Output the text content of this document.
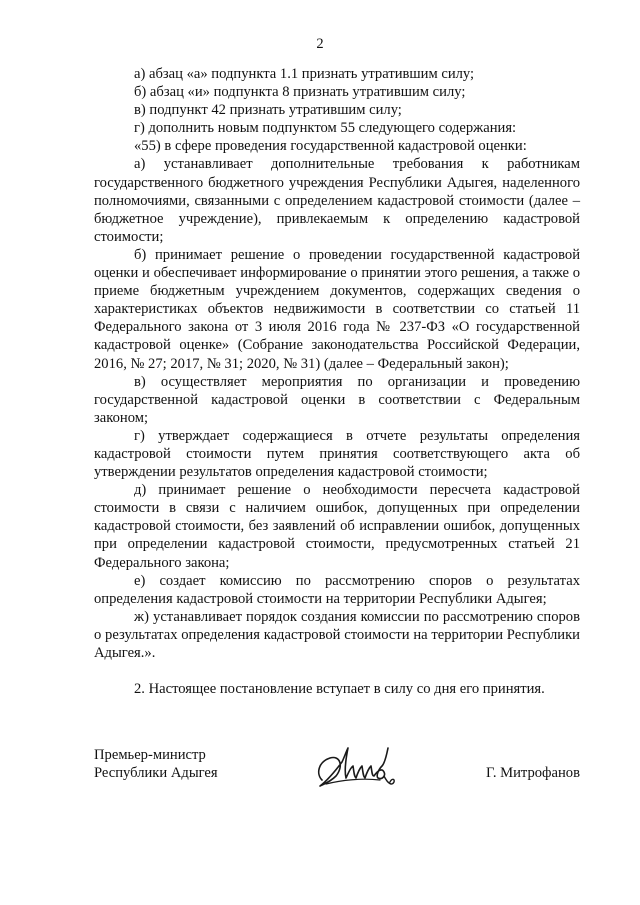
2

а) абзац «а» подпункта 1.1 признать утратившим силу;

б) абзац «и» подпункта 8 признать утратившим силу;

в) подпункт 42 признать утратившим силу;

г) дополнить новым подпунктом 55 следующего содержания:

«55) в сфере проведения государственной кадастровой оценки:

а) устанавливает дополнительные требования к работникам государственного бюджетного учреждения Республики Адыгея, наделенного полномочиями, связанными с определением кадастровой стоимости (далее – бюджетное учреждение), привлекаемым к определению кадастровой стоимости;

б) принимает решение о проведении государственной кадастровой оценки и обеспечивает информирование о принятии этого решения, а также о приеме бюджетным учреждением документов, содержащих сведения о характеристиках объектов недвижимости в соответствии со статьей 11 Федерального закона от 3 июля 2016 года № 237-ФЗ «О государственной кадастровой оценке» (Собрание законодательства Российской Федерации, 2016, № 27; 2017, № 31; 2020, № 31) (далее – Федеральный закон);

в) осуществляет мероприятия по организации и проведению государственной кадастровой оценки в соответствии с Федеральным законом;

г) утверждает содержащиеся в отчете результаты определения кадастровой стоимости путем принятия соответствующего акта об утверждении результатов определения кадастровой стоимости;

д) принимает решение о необходимости пересчета кадастровой стоимости в связи с наличием ошибок, допущенных при определении кадастровой стоимости, без заявлений об исправлении ошибок, допущенных при определении кадастровой стоимости, предусмотренных статьей 21 Федерального закона;

е) создает комиссию по рассмотрению споров о результатах определения кадастровой стоимости на территории Республики Адыгея;

ж) устанавливает порядок создания комиссии по рассмотрению споров о результатах определения кадастровой стоимости на территории Республики Адыгея.».

2. Настоящее постановление вступает в силу со дня его принятия.

Премьер-министр
Республики Адыгея	Г. Митрофанов
